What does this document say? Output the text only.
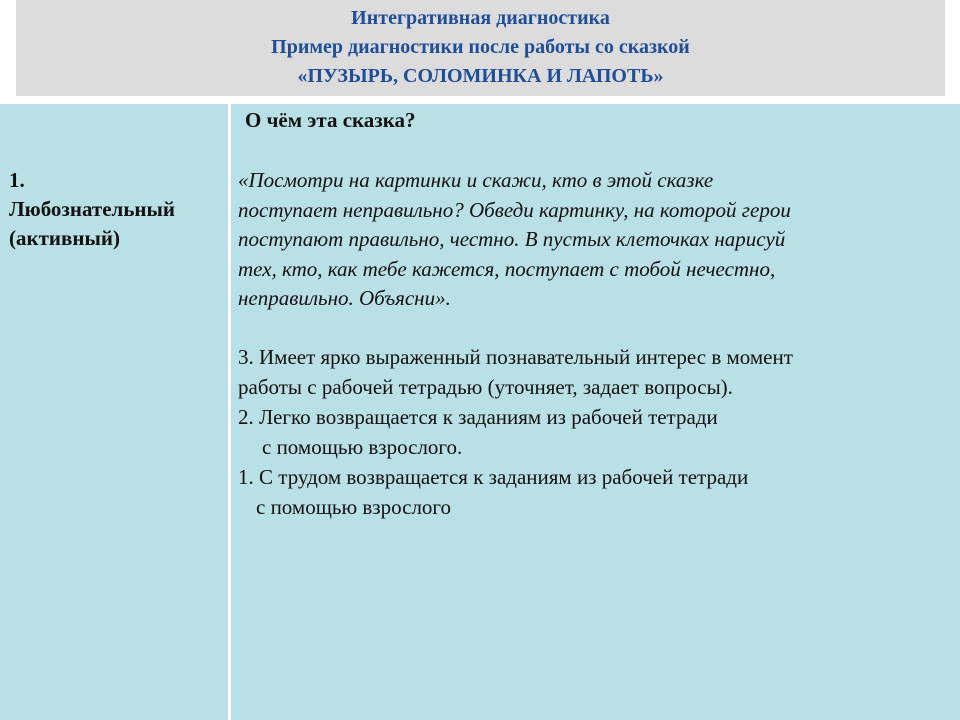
Интегративная диагностика
Пример диагностики после работы со сказкой
«ПУЗЫРЬ, СОЛОМИНКА И ЛАПОТЬ»
1.
Любознательный
(активный)
О чём эта сказка?
«Посмотри на картинки и скажи, кто в этой сказке
поступает неправильно? Обведи картинку, на которой герои
поступают правильно, честно. В пустых клеточках нарисуй
тех, кто, как тебе кажется, поступает с тобой нечестно,
неправильно. Объясни».
3. Имеет ярко выраженный познавательный интерес в момент
работы с рабочей тетрадью (уточняет, задает вопросы).
2. Легко возвращается к заданиям из рабочей тетради
с помощью взрослого.
1. С трудом возвращается к заданиям из рабочей тетради
с помощью взрослого
